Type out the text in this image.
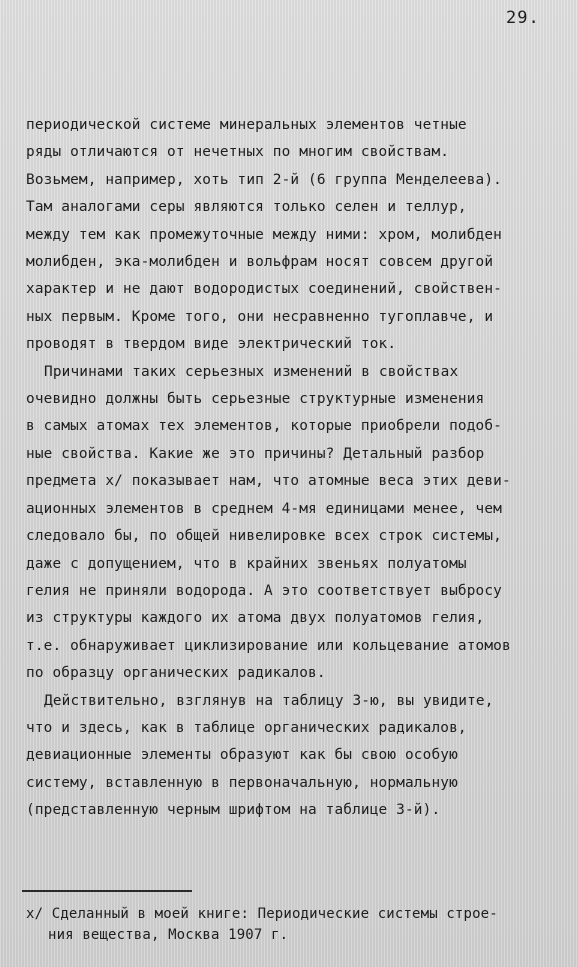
29.
периодической системе минеральных элементов четные
ряды отличаются от нечетных по многим свойствам.
Возьмем, например, хоть тип 2-й (6 группа Менделеева).
Там аналогами серы являются только селен и теллур,
между тем как промежуточные между ними: хром, молибден
молибден, эка-молибден и вольфрам носят совсем другой
характер и не дают водородистых соединений, свойствен-
ных первым. Кроме того, они несравненно тугоплавче, и
проводят в твердом виде электрический ток.
Причинами таких серьезных изменений в свойствах
очевидно должны быть серьезные структурные изменения
в самых атомах тех элементов, которые приобрели подоб-
ные свойства. Какие же это причины? Детальный разбор
предмета х/ показывает нам, что атомные веса этих деви-
ационных элементов в среднем 4-мя единицами менее, чем
следовало бы, по общей нивелировке всех строк системы,
даже с допущением, что в крайних звеньях полуатомы
гелия не приняли водорода. А это соответствует выбросу
из структуры каждого их атома двух полуатомов гелия,
т.е. обнаруживает циклизирование или кольцевание атомов
по образцу органических радикалов.
Действительно, взглянув на таблицу 3-ю, вы увидите,
что и здесь, как в таблице органических радикалов,
девиационные элементы образуют как бы свою особую
систему, вставленную в первоначальную, нормальную
(представленную черным шрифтом на таблице 3-й).
х/ Сделанный в моей книге: Периодические системы строе-
ния вещества, Москва 1907 г.
